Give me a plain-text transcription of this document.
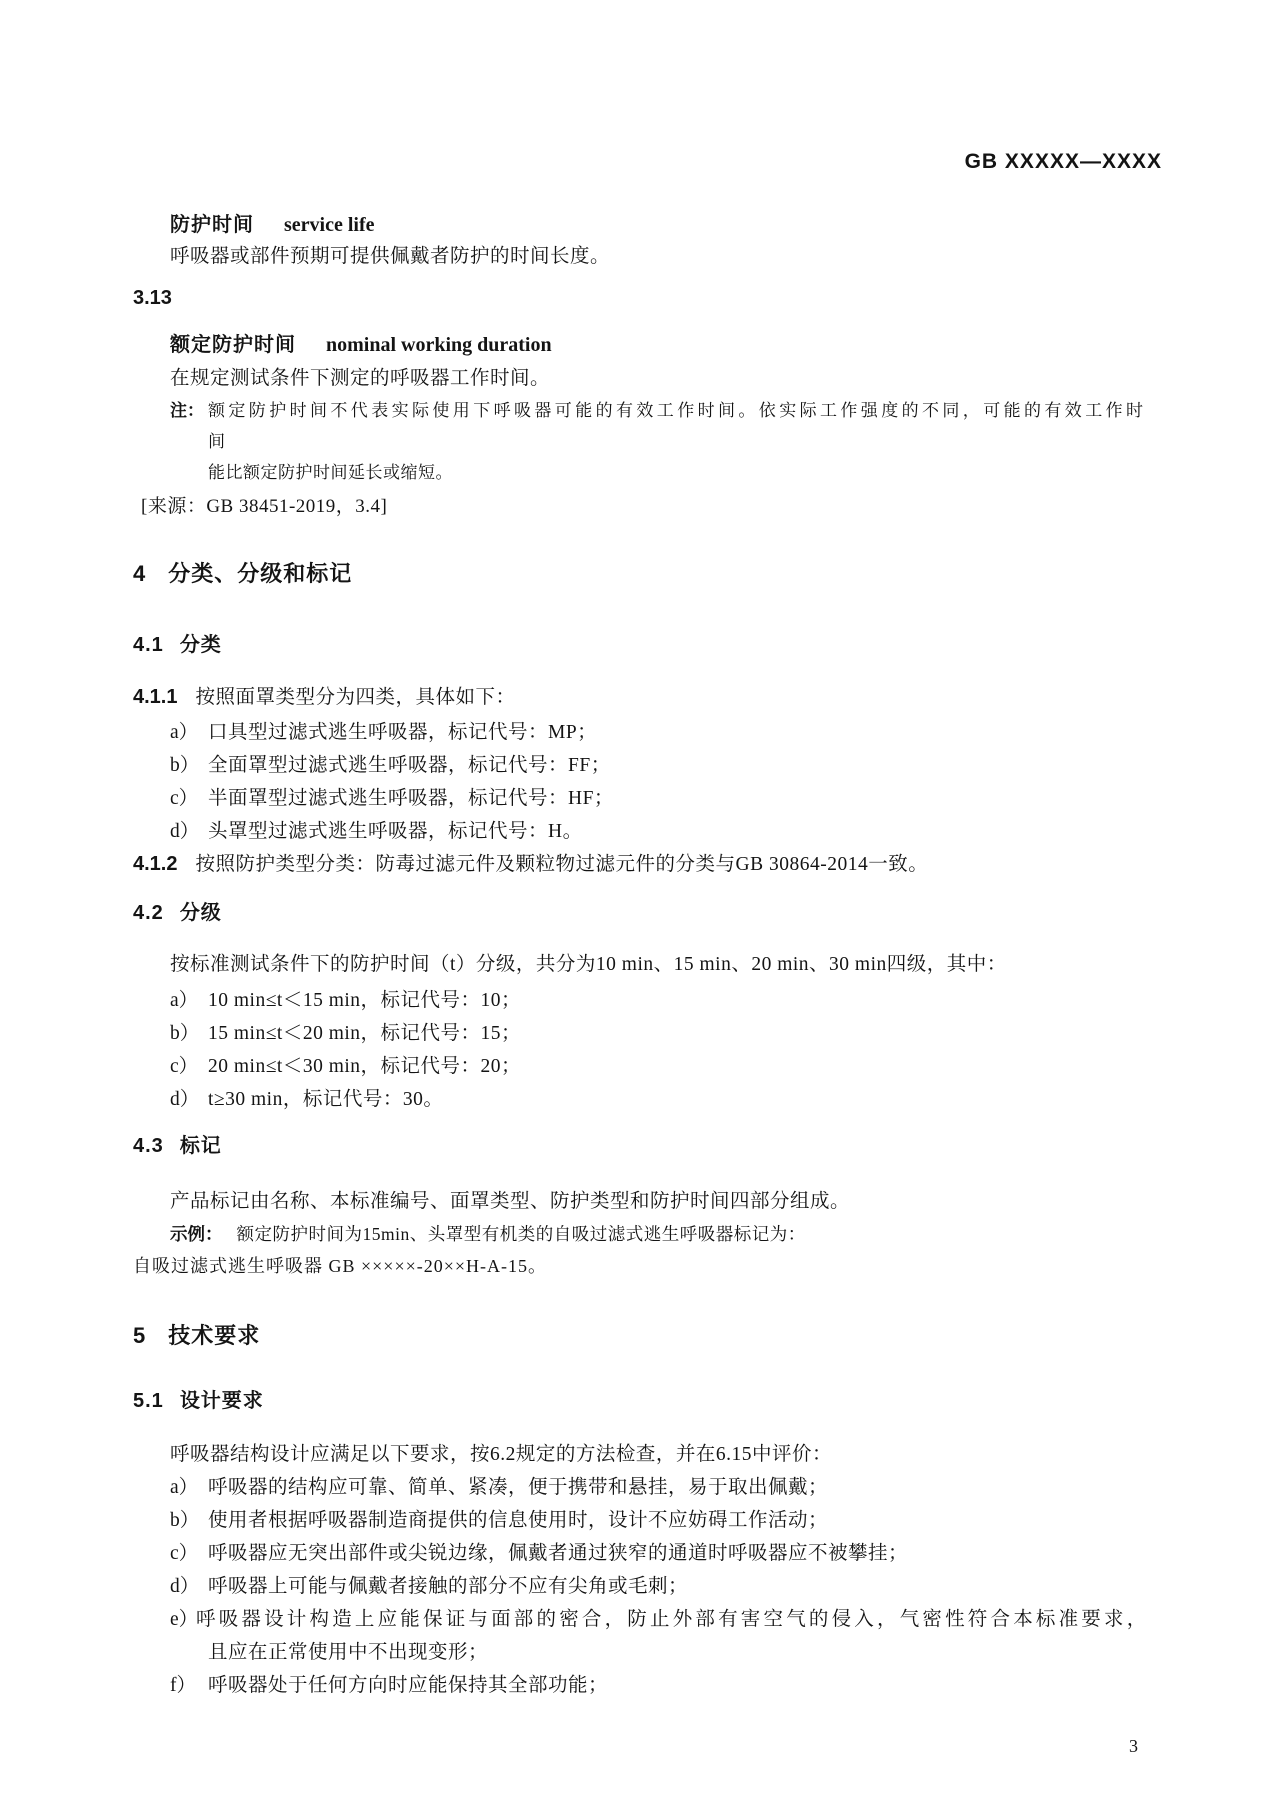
GB XXXXX—XXXX
防护时间 service life
呼吸器或部件预期可提供佩戴者防护的时间长度。
3.13
额定防护时间 nominal working duration
在规定测试条件下测定的呼吸器工作时间。
注： 额定防护时间不代表实际使用下呼吸器可能的有效工作时间。依实际工作强度的不同，可能的有效工作时间
能比额定防护时间延长或缩短。
[来源：GB 38451-2019，3.4]
4 分类、分级和标记
4.1 分类
4.1.1 按照面罩类型分为四类，具体如下：
a） 口具型过滤式逃生呼吸器，标记代号：MP；
b） 全面罩型过滤式逃生呼吸器，标记代号：FF；
c） 半面罩型过滤式逃生呼吸器，标记代号：HF；
d） 头罩型过滤式逃生呼吸器，标记代号：H。
4.1.2 按照防护类型分类：防毒过滤元件及颗粒物过滤元件的分类与GB 30864-2014一致。
4.2 分级
按标准测试条件下的防护时间（t）分级，共分为10 min、15 min、20 min、30 min四级，其中：
a） 10 min≤t＜15 min，标记代号：10；
b） 15 min≤t＜20 min，标记代号：15；
c） 20 min≤t＜30 min，标记代号：20；
d） t≥30 min，标记代号：30。
4.3 标记
产品标记由名称、本标准编号、面罩类型、防护类型和防护时间四部分组成。
示例： 额定防护时间为15min、头罩型有机类的自吸过滤式逃生呼吸器标记为：
自吸过滤式逃生呼吸器 GB ×××××-20××H-A-15。
5 技术要求
5.1 设计要求
呼吸器结构设计应满足以下要求，按6.2规定的方法检查，并在6.15中评价：
a） 呼吸器的结构应可靠、简单、紧凑，便于携带和悬挂，易于取出佩戴；
b） 使用者根据呼吸器制造商提供的信息使用时，设计不应妨碍工作活动；
c） 呼吸器应无突出部件或尖锐边缘，佩戴者通过狭窄的通道时呼吸器应不被攀挂；
d） 呼吸器上可能与佩戴者接触的部分不应有尖角或毛刺；
e）呼吸器设计构造上应能保证与面部的密合，防止外部有害空气的侵入，气密性符合本标准要求，
且应在正常使用中不出现变形；
f） 呼吸器处于任何方向时应能保持其全部功能；
3
